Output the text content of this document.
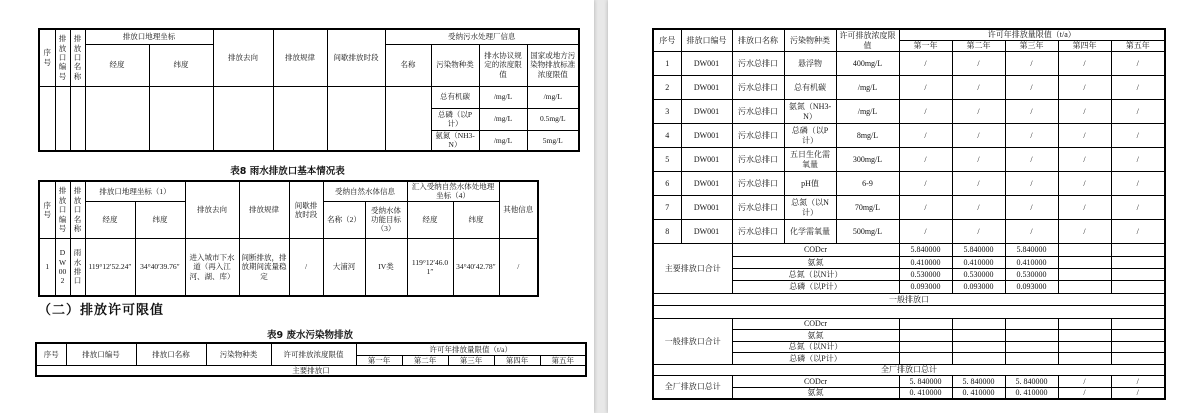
序号	排放口编号	排放口名称	排放口地理坐标		排放去向	排放规律	间歇排放时段	受纳污水处理厂信息			
			经度	纬度				名称	污染物种类	排水协议规定的浓度限值	国家或地方污染物排放标准浓度限值
									总有机碳	/mg/L	/mg/L
									总磷（以P计）	/mg/L	0.5mg/L
									氨氮（NH3-N）	/mg/L	5mg/L
表8 雨水排放口基本情况表
序号	排放口编号	排放口名称	排放口地理坐标（1）		排放去向	排放规律	间歇排放时段	受纳自然水体信息		汇入受纳自然水体处地理坐标（4）		其他信息
			经度	纬度				名称（2）	受纳水体功能目标（3）	经度	纬度	
1	DW002	雨水排口	119°12′52.24″	34°40′39.76″	进入城市下水道（再入江河、湖、库）	间断排放，排放期间流量稳定	/	大浦河	IV类	119°12′46.01″	34°40′42.78″	/
（二）排放许可限值
表9 废水污染物排放
序号	排放口编号	排放口名称	污染物种类	许可排放浓度限值	许可年排放量限值（t/a）				
					第一年	第二年	第三年	第四年	第五年
主要排放口									
序号	排放口编号	排放口名称	污染物种类	许可排放浓度限值	许可年排放量限值（t/a）				
					第一年	第二年	第三年	第四年	第五年
1	DW001	污水总排口	悬浮物	400mg/L	/	/	/	/	/
2	DW001	污水总排口	总有机碳	/mg/L	/	/	/	/	/
3	DW001	污水总排口	氨氮（NH3-N）	/mg/L	/	/	/	/	/
4	DW001	污水总排口	总磷（以P计）	8mg/L	/	/	/	/	/
5	DW001	污水总排口	五日生化需氧量	300mg/L	/	/	/	/	/
6	DW001	污水总排口	pH值	6-9	/	/	/	/	/
7	DW001	污水总排口	总氮（以N计）	70mg/L	/	/	/	/	/
8	DW001	污水总排口	化学需氧量	500mg/L	/	/	/	/	/
主要排放口合计		CODcr			5.840000	5.840000	5.840000		
		氨氮			0.410000	0.410000	0.410000		
		总氮（以N计）			0.530000	0.530000	0.530000		
		总磷（以P计）			0.093000	0.093000	0.093000		
一般排放口									

一般排放口合计		CODcr							
		氨氮							
		总氮（以N计）							
		总磷（以P计）							
全厂排放口总计									
全厂排放口总计		CODcr			5. 840000	5. 840000	5. 840000	/	/
		氨氮			0. 410000	0. 410000	0. 410000	/	/
